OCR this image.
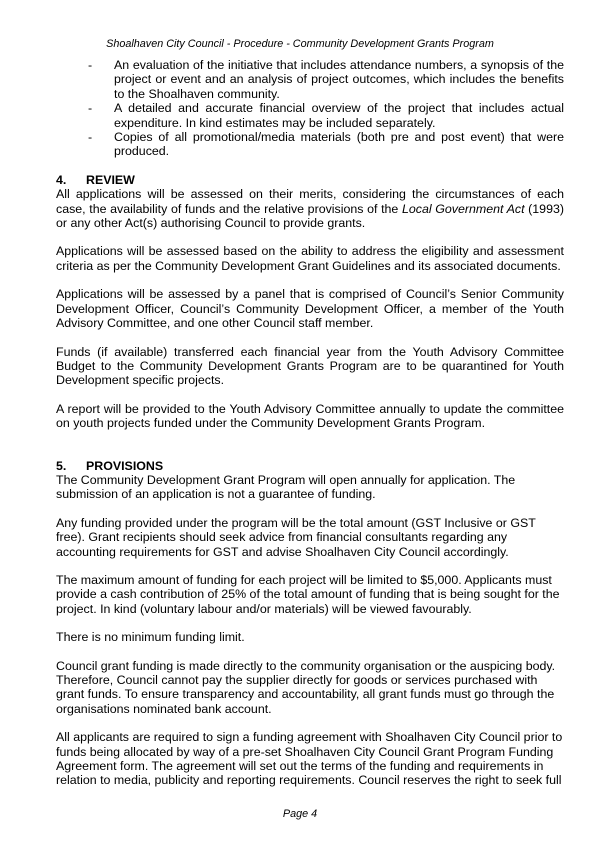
Shoalhaven City Council - Procedure - Community Development Grants Program
- An evaluation of the initiative that includes attendance numbers, a synopsis of the project or event and an analysis of project outcomes, which includes the benefits to the Shoalhaven community.
- A detailed and accurate financial overview of the project that includes actual expenditure. In kind estimates may be included separately.
- Copies of all promotional/media materials (both pre and post event) that were produced.
4.	REVIEW

All applications will be assessed on their merits, considering the circumstances of each case, the availability of funds and the relative provisions of the Local Government Act (1993) or any other Act(s) authorising Council to provide grants.

Applications will be assessed based on the ability to address the eligibility and assessment criteria as per the Community Development Grant Guidelines and its associated documents.

Applications will be assessed by a panel that is comprised of Council’s Senior Community Development Officer, Council’s Community Development Officer, a member of the Youth Advisory Committee, and one other Council staff member.

Funds (if available) transferred each financial year from the Youth Advisory Committee Budget to the Community Development Grants Program are to be quarantined for Youth Development specific projects.

A report will be provided to the Youth Advisory Committee annually to update the committee on youth projects funded under the Community Development Grants Program.

5.	PROVISIONS

The Community Development Grant Program will open annually for application. The submission of an application is not a guarantee of funding.

Any funding provided under the program will be the total amount (GST Inclusive or GST free). Grant recipients should seek advice from financial consultants regarding any accounting requirements for GST and advise Shoalhaven City Council accordingly.

The maximum amount of funding for each project will be limited to $5,000. Applicants must provide a cash contribution of 25% of the total amount of funding that is being sought for the project. In kind (voluntary labour and/or materials) will be viewed favourably.

There is no minimum funding limit.

Council grant funding is made directly to the community organisation or the auspicing body. Therefore, Council cannot pay the supplier directly for goods or services purchased with grant funds. To ensure transparency and accountability, all grant funds must go through the organisations nominated bank account.

All applicants are required to sign a funding agreement with Shoalhaven City Council prior to funds being allocated by way of a pre-set Shoalhaven City Council Grant Program Funding Agreement form. The agreement will set out the terms of the funding and requirements in relation to media, publicity and reporting requirements. Council reserves the right to seek full

Page 4
